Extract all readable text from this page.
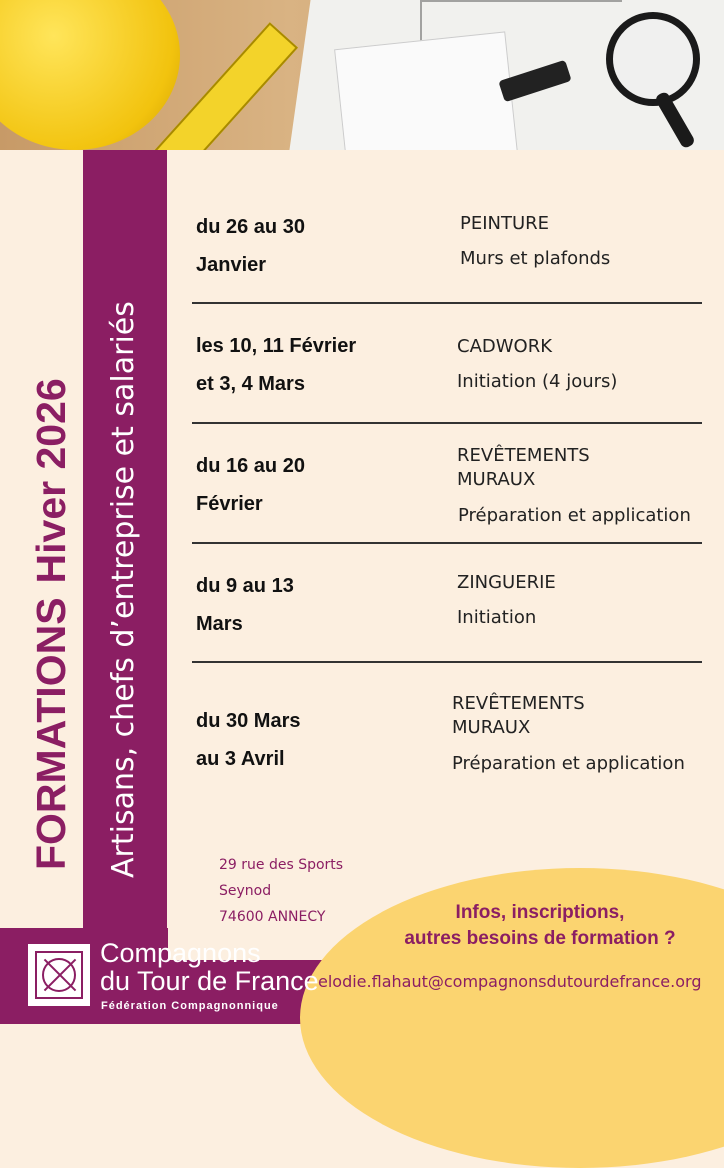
FORMATIONSHiver 2026 Artisans, chefs d’entreprise et salariés
du 26 au 30
Janvier
PEINTURE
Murs et plafonds
les 10, 11 Février
et 3, 4 Mars
CADWORK
Initiation (4 jours)
du 16 au 20
Février
REVÊTEMENTS
MURAUX
Préparation et application
du 9 au 13
Mars
ZINGUERIE
Initiation
du 30 Mars
au 3 Avril
REVÊTEMENTS
MURAUX
Préparation et application
29 rue des Sports
Seynod
74600 ANNECY	Infos, inscriptions,
autres besoins de formation ?
elodie.flahaut@compagnonsdutourdefrance.org
Compagnons
du Tour de France
Fédération Compagnonnique
